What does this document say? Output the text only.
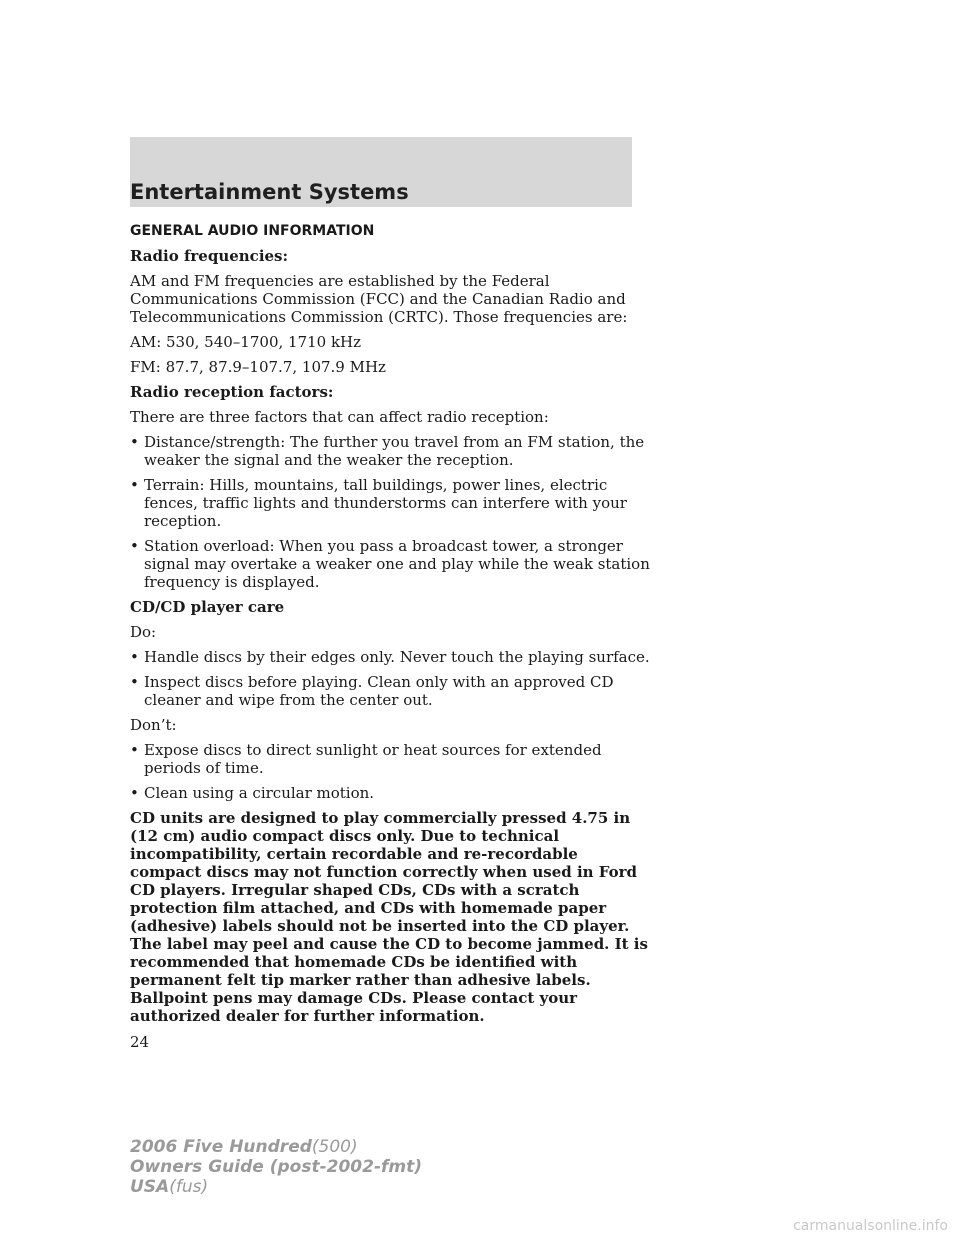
Entertainment Systems
GENERAL AUDIO INFORMATION
Radio frequencies:

AM and FM frequencies are established by the Federal Communications Commission (FCC) and the Canadian Radio and Telecommunications Commission (CRTC). Those frequencies are:

AM: 530, 540–1700, 1710 kHz

FM: 87.7, 87.9–107.7, 107.9 MHz

Radio reception factors:

There are three factors that can affect radio reception:

• Distance/strength: The further you travel from an FM station, the weaker the signal and the weaker the reception.
• Terrain: Hills, mountains, tall buildings, power lines, electric fences, traffic lights and thunderstorms can interfere with your reception.
• Station overload: When you pass a broadcast tower, a stronger signal may overtake a weaker one and play while the weak station frequency is displayed.
CD/CD player care

Do:

• Handle discs by their edges only. Never touch the playing surface.
• Inspect discs before playing. Clean only with an approved CD cleaner and wipe from the center out.

Don’t:

• Expose discs to direct sunlight or heat sources for extended periods of time.
• Clean using a circular motion.

CD units are designed to play commercially pressed 4.75 in (12 cm) audio compact discs only. Due to technical incompatibility, certain recordable and re-recordable compact discs may not function correctly when used in Ford CD players. Irregular shaped CDs, CDs with a scratch protection film attached, and CDs with homemade paper (adhesive) labels should not be inserted into the CD player. The label may peel and cause the CD to become jammed. It is recommended that homemade CDs be identified with permanent felt tip marker rather than adhesive labels. Ballpoint pens may damage CDs. Please contact your authorized dealer for further information.

24
2006 Five Hundred(500)
Owners Guide (post-2002-fmt)
USA(fus)
carmanualsonline.info
